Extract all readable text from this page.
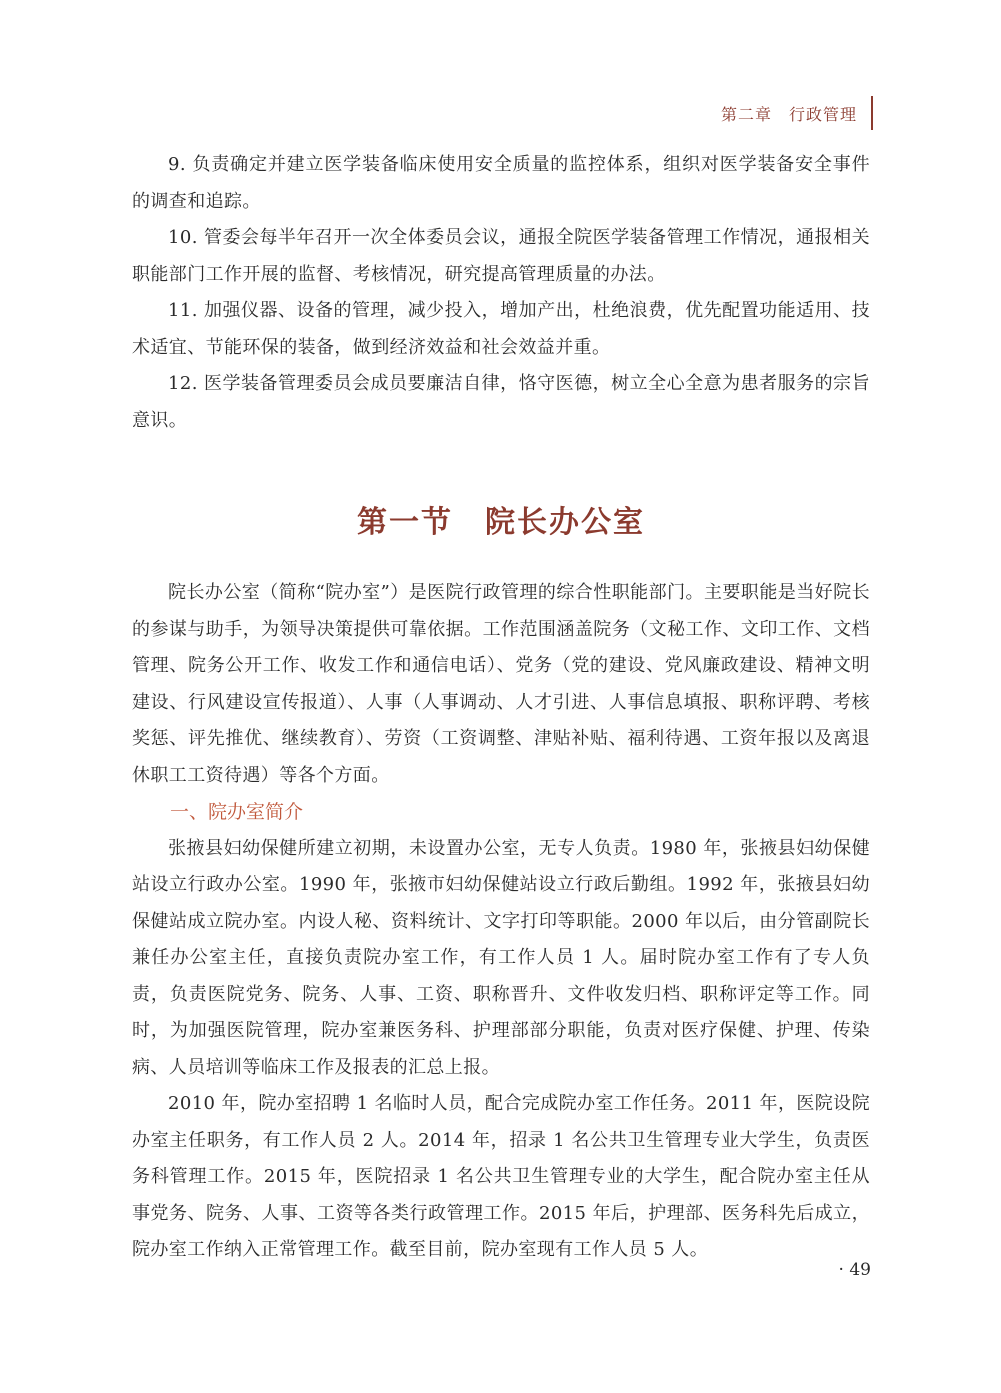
第二章　行政管理

9. 负责确定并建立医学装备临床使用安全质量的监控体系，组织对医学装备安全事件的调查和追踪。

10. 管委会每半年召开一次全体委员会议，通报全院医学装备管理工作情况，通报相关职能部门工作开展的监督、考核情况，研究提高管理质量的办法。

11. 加强仪器、设备的管理，减少投入，增加产出，杜绝浪费，优先配置功能适用、技术适宜、节能环保的装备，做到经济效益和社会效益并重。

12. 医学装备管理委员会成员要廉洁自律，恪守医德，树立全心全意为患者服务的宗旨意识。

第一节　院长办公室

院长办公室（简称“院办室”）是医院行政管理的综合性职能部门。主要职能是当好院长的参谋与助手，为领导决策提供可靠依据。工作范围涵盖院务（文秘工作、文印工作、文档管理、院务公开工作、收发工作和通信电话）、党务（党的建设、党风廉政建设、精神文明建设、行风建设宣传报道）、人事（人事调动、人才引进、人事信息填报、职称评聘、考核奖惩、评先推优、继续教育）、劳资（工资调整、津贴补贴、福利待遇、工资年报以及离退休职工工资待遇）等各个方面。

一、院办室简介

张掖县妇幼保健所建立初期，未设置办公室，无专人负责。1980 年，张掖县妇幼保健站设立行政办公室。1990 年，张掖市妇幼保健站设立行政后勤组。1992 年，张掖县妇幼保健站成立院办室。内设人秘、资料统计、文字打印等职能。2000 年以后，由分管副院长兼任办公室主任，直接负责院办室工作，有工作人员 1 人。届时院办室工作有了专人负责，负责医院党务、院务、人事、工资、职称晋升、文件收发归档、职称评定等工作。同时，为加强医院管理，院办室兼医务科、护理部部分职能，负责对医疗保健、护理、传染病、人员培训等临床工作及报表的汇总上报。

2010 年，院办室招聘 1 名临时人员，配合完成院办室工作任务。2011 年，医院设院办室主任职务，有工作人员 2 人。2014 年，招录 1 名公共卫生管理专业大学生，负责医务科管理工作。2015 年，医院招录 1 名公共卫生管理专业的大学生，配合院办室主任从事党务、院务、人事、工资等各类行政管理工作。2015 年后，护理部、医务科先后成立，院办室工作纳入正常管理工作。截至目前，院办室现有工作人员 5 人。

· 49
